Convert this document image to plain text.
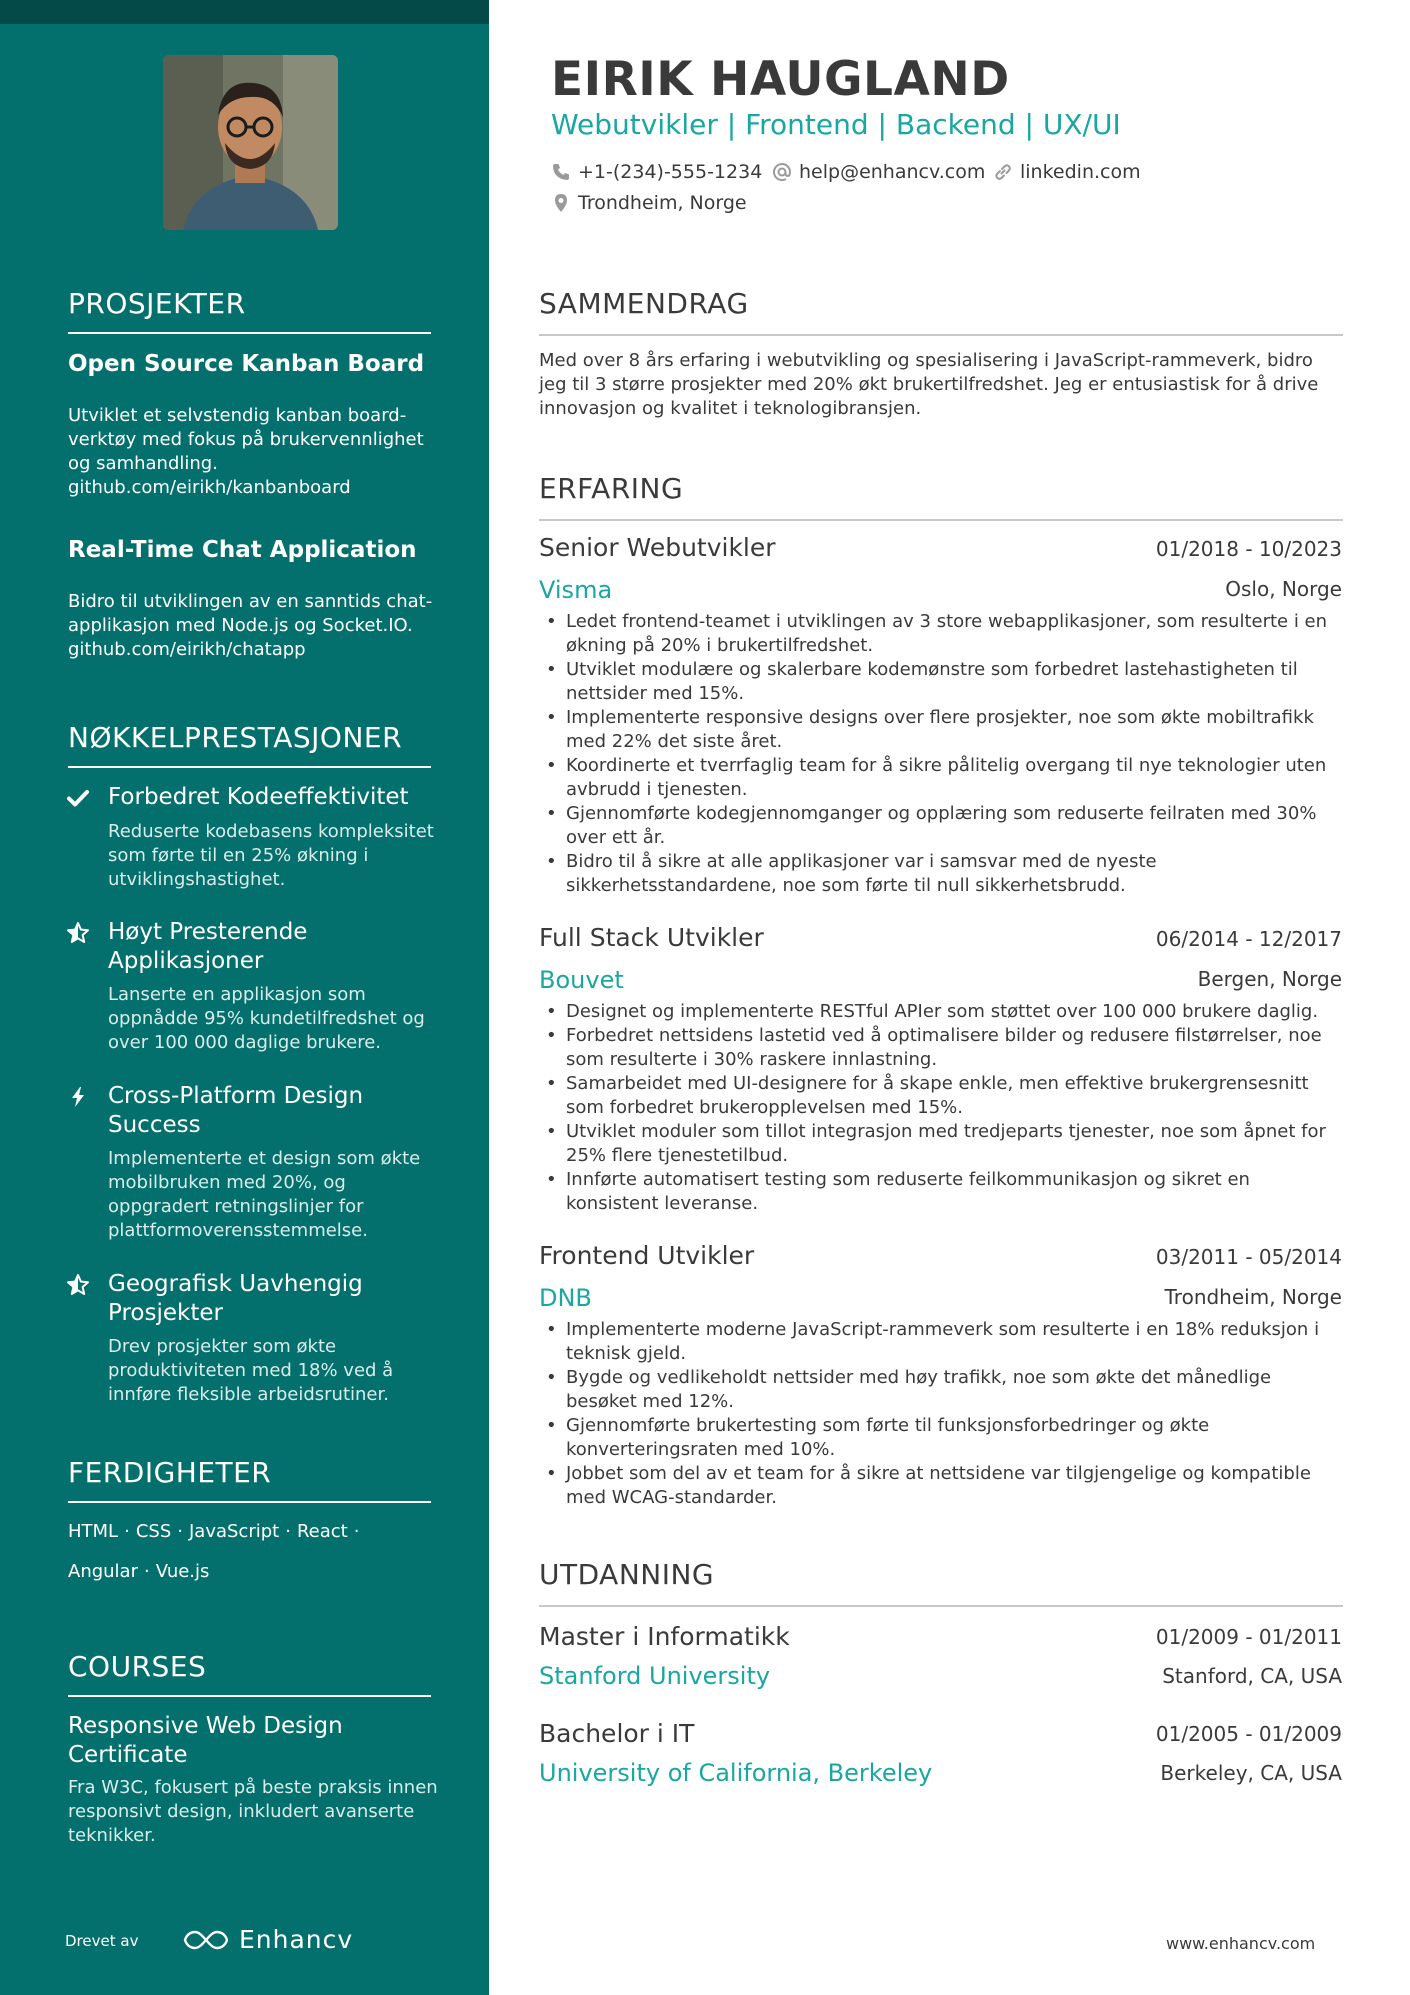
PROSJEKTER
Open Source Kanban Board
Utviklet et selvstendig kanban board-verktøy med fokus på brukervennlighet og samhandling. github.com/eirikh/kanbanboard
Real-Time Chat Application
Bidro til utviklingen av en sanntids chat-applikasjon med Node.js og Socket.IO. github.com/eirikh/chatapp
NØKKELPRESTASJONER
Forbedret Kodeeffektivitet
Reduserte kodebasens kompleksitet som førte til en 25% økning i utviklingshastighet.
Høyt Presterende Applikasjoner
Lanserte en applikasjon som oppnådde 95% kundetilfredshet og over 100 000 daglige brukere.
Cross-Platform Design Success
Implementerte et design som økte mobilbruken med 20%, og oppgradert retningslinjer for plattformoverensstemmelse.
Geografisk Uavhengig Prosjekter
Drev prosjekter som økte produktiviteten med 18% ved å innføre fleksible arbeidsrutiner.
FERDIGHETER
HTML · CSS · JavaScript · React ·
Angular · Vue.js
COURSES
Responsive Web Design Certificate
Fra W3C, fokusert på beste praksis innen responsivt design, inkludert avanserte teknikker.
Drevet av	Enhancv
EIRIK HAUGLAND
Webutvikler | Frontend | Backend | UX/UI
+1-(234)-555-1234 help@enhancv.com linkedin.com
Trondheim, Norge
SAMMENDRAG
Med over 8 års erfaring i webutvikling og spesialisering i JavaScript-rammeverk, bidro jeg til 3 større prosjekter med 20% økt brukertilfredshet. Jeg er entusiastisk for å drive innovasjon og kvalitet i teknologibransjen.
ERFARING
Senior Webutvikler	01/2018 - 10/2023
Visma	Oslo, Norge
• Ledet frontend-teamet i utviklingen av 3 store webapplikasjoner, som resulterte i en økning på 20% i brukertilfredshet.
• Utviklet modulære og skalerbare kodemønstre som forbedret lastehastigheten til nettsider med 15%.
• Implementerte responsive designs over flere prosjekter, noe som økte mobiltrafikk med 22% det siste året.
• Koordinerte et tverrfaglig team for å sikre pålitelig overgang til nye teknologier uten avbrudd i tjenesten.
• Gjennomførte kodegjennomganger og opplæring som reduserte feilraten med 30% over ett år.
• Bidro til å sikre at alle applikasjoner var i samsvar med de nyeste sikkerhetsstandardene, noe som førte til null sikkerhetsbrudd.
Full Stack Utvikler	06/2014 - 12/2017
Bouvet	Bergen, Norge
• Designet og implementerte RESTful APIer som støttet over 100 000 brukere daglig.
• Forbedret nettsidens lastetid ved å optimalisere bilder og redusere filstørrelser, noe som resulterte i 30% raskere innlastning.
• Samarbeidet med UI-designere for å skape enkle, men effektive brukergrensesnitt som forbedret brukeropplevelsen med 15%.
• Utviklet moduler som tillot integrasjon med tredjeparts tjenester, noe som åpnet for 25% flere tjenestetilbud.
• Innførte automatisert testing som reduserte feilkommunikasjon og sikret en konsistent leveranse.
Frontend Utvikler	03/2011 - 05/2014
DNB	Trondheim, Norge
• Implementerte moderne JavaScript-rammeverk som resulterte i en 18% reduksjon i teknisk gjeld.
• Bygde og vedlikeholdt nettsider med høy trafikk, noe som økte det månedlige besøket med 12%.
• Gjennomførte brukertesting som førte til funksjonsforbedringer og økte konverteringsraten med 10%.
• Jobbet som del av et team for å sikre at nettsidene var tilgjengelige og kompatible med WCAG-standarder.
UTDANNING
Master i Informatikk	01/2009 - 01/2011
Stanford University	Stanford, CA, USA
Bachelor i IT	01/2005 - 01/2009
University of California, Berkeley	Berkeley, CA, USA
www.enhancv.com
